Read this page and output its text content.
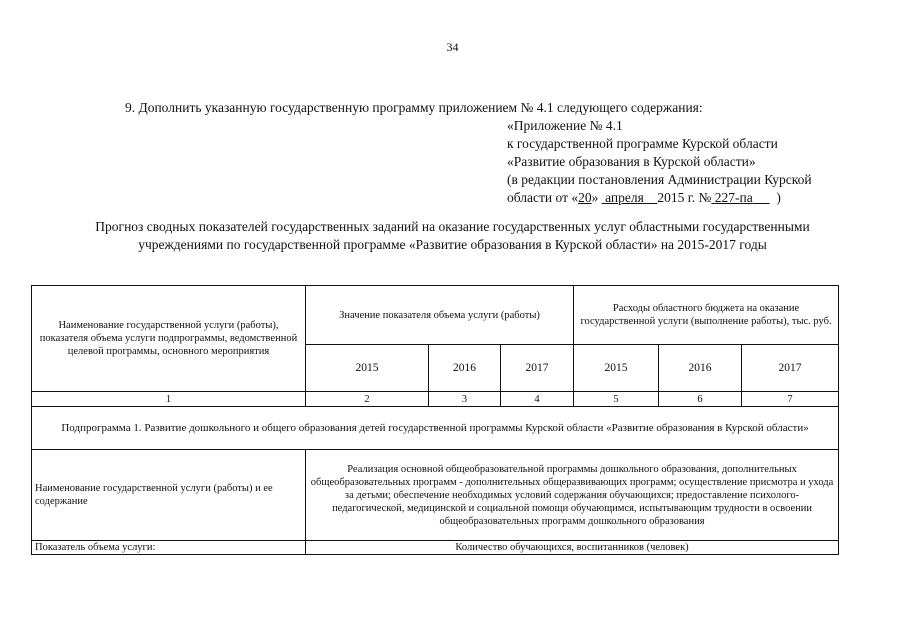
34
9. Дополнить указанную государственную программу приложением № 4.1 следующего содержания:
«Приложение № 4.1
к государственной программе Курской области
«Развитие образования в Курской области»
(в редакции постановления Администрации Курской
области от «20»  апреля 2015 г. № 227-па )
Прогноз сводных показателей государственных заданий на оказание государственных услуг областными государственными
учреждениями по государственной программе «Развитие образования в Курской области» на 2015-2017 годы
Наименование государственной услуги (работы), показателя объема услуги подпрограммы, ведомственной целевой программы, основного мероприятия	Значение показателя объема услуги (работы)			Расходы областного бюджета на оказание государственной услуги (выполнение работы), тыс. руб.		
	2015	2016	2017	2015	2016	2017
1	2	3	4	5	6	7
Подпрограмма 1. Развитие дошкольного и общего образования детей государственной программы Курской области «Развитие образования в Курской области»						
Наименование государственной услуги (работы) и ее содержание	Реализация основной общеобразовательной программы дошкольного образования, дополнительных общеобразовательных программ - дополнительных общеразвивающих программ; осуществление присмотра и ухода за детьми; обеспечение необходимых условий содержания обучающихся; предоставление психолого-педагогической, медицинской и социальной помощи обучающимся, испытывающим трудности в освоении общеобразовательных программ дошкольного образования					
Показатель объема услуги:	Количество обучающихся, воспитанников (человек)					
